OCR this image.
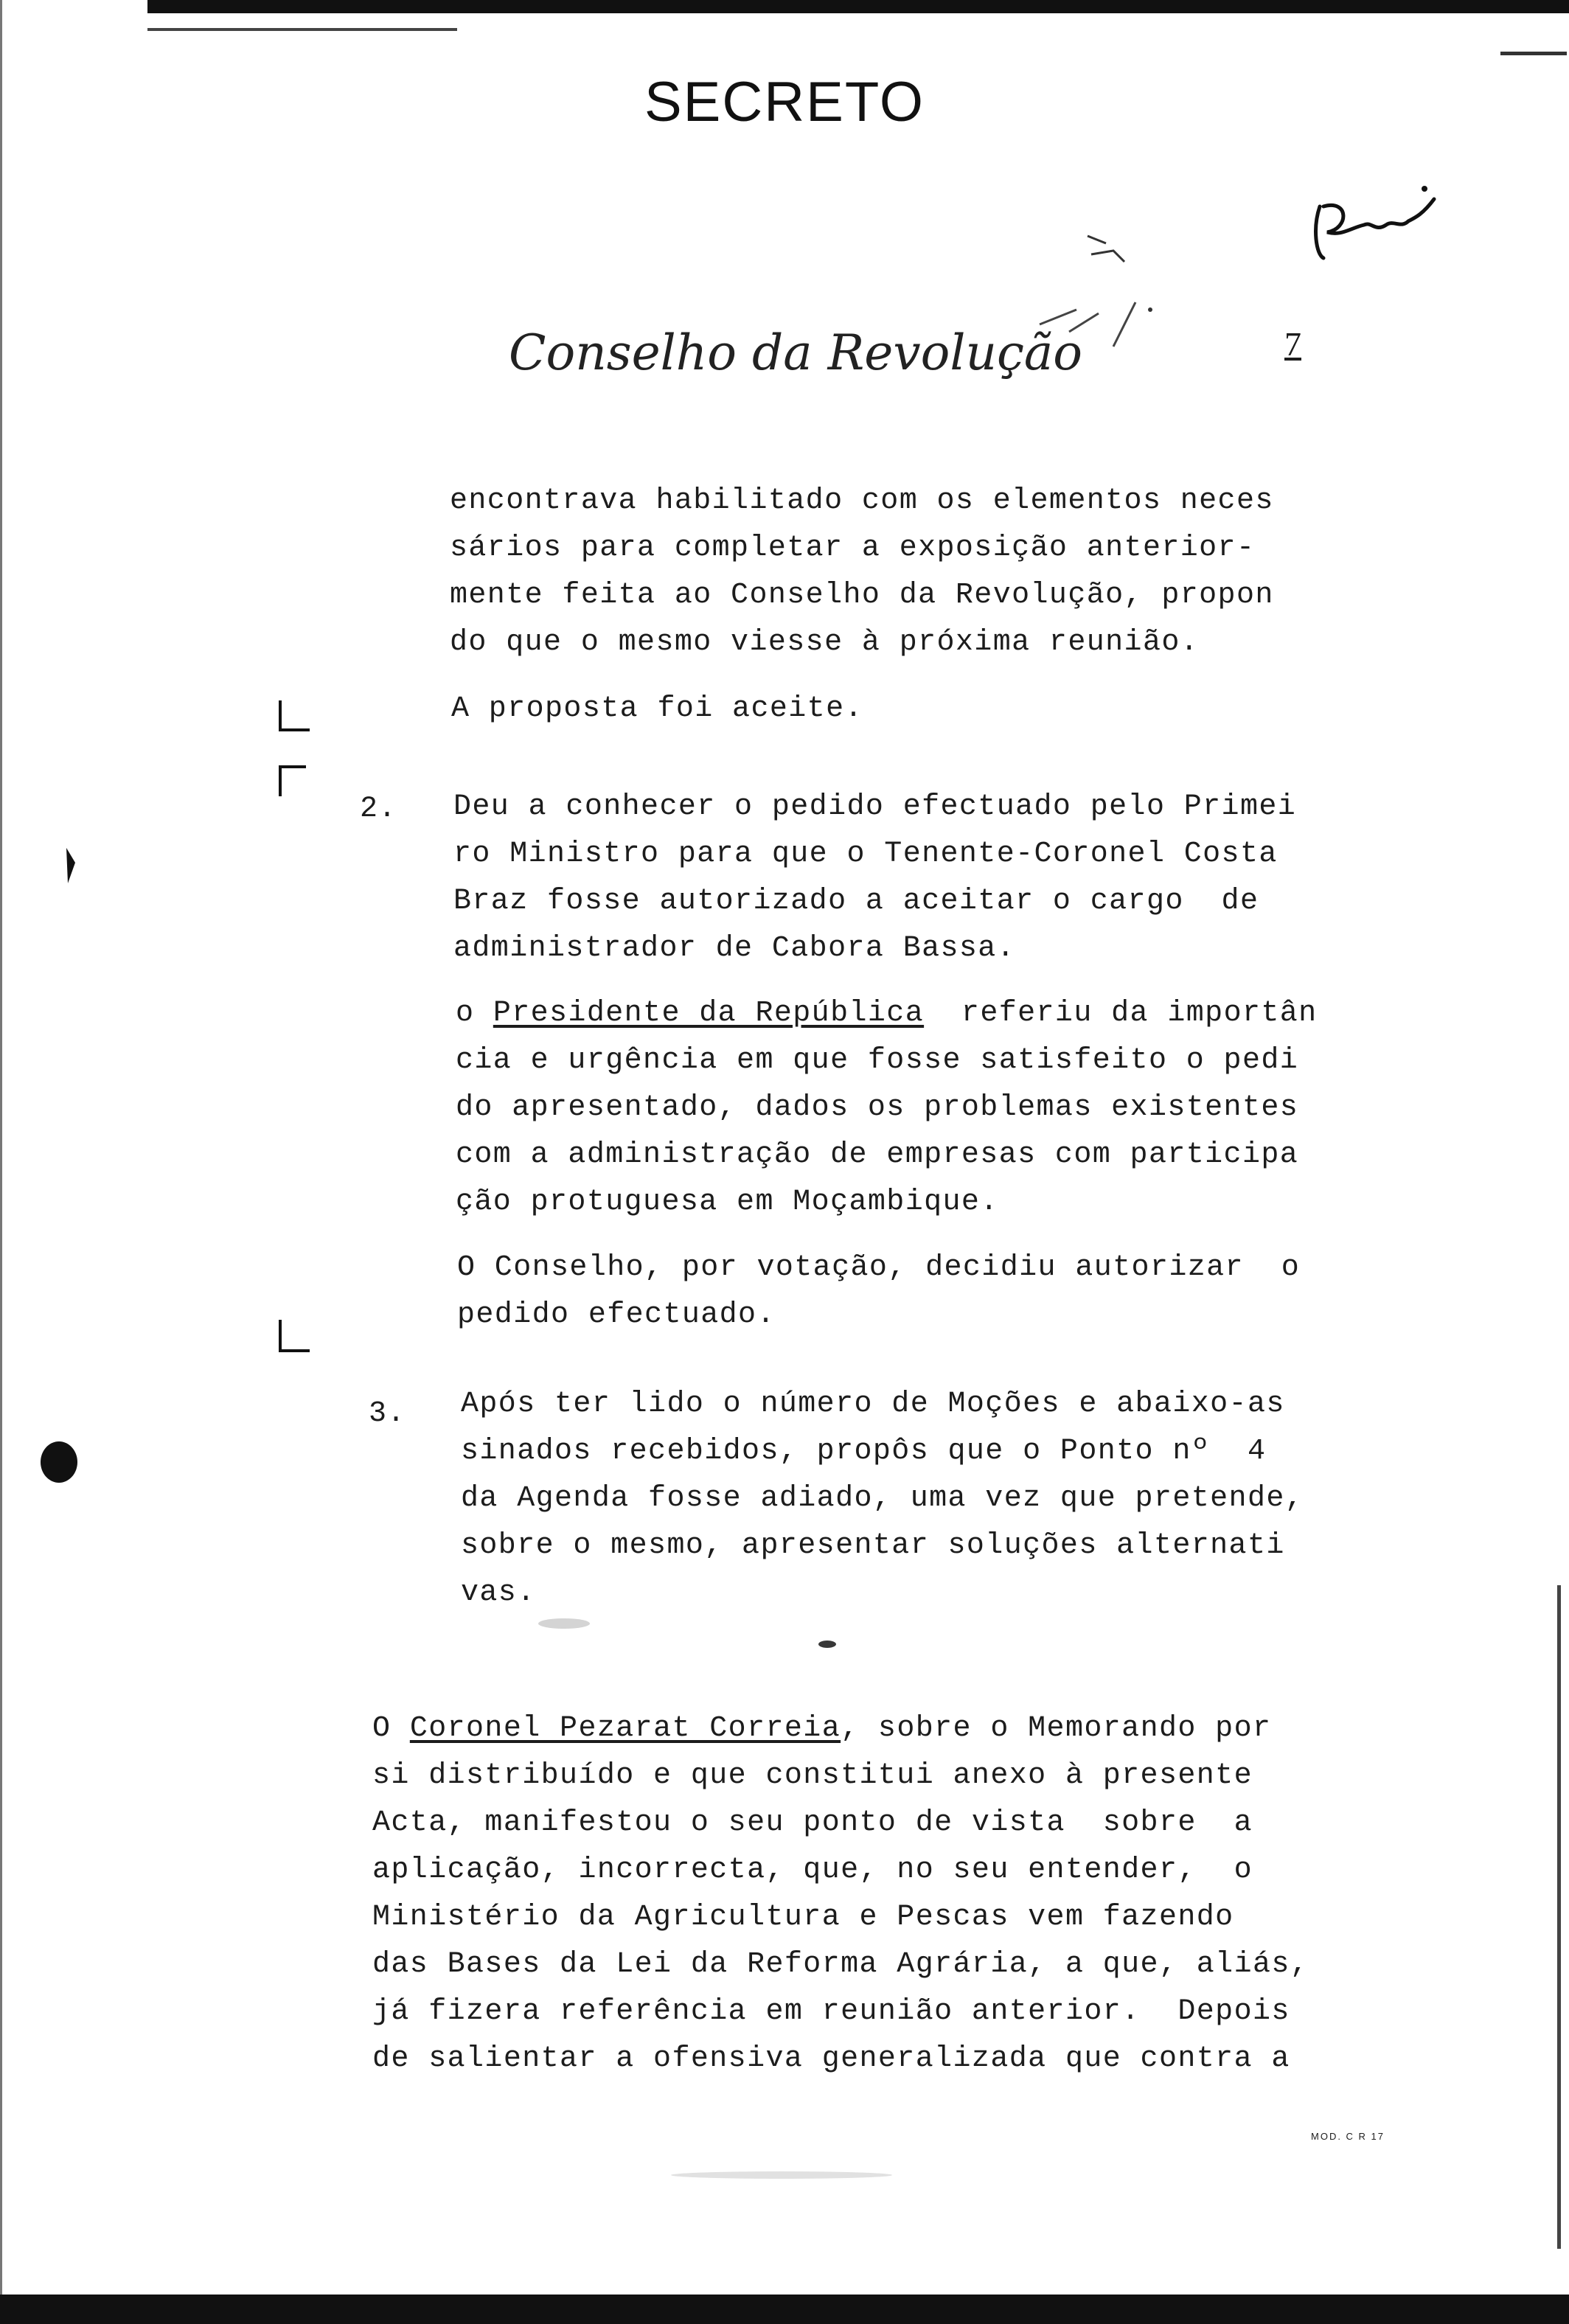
SECRETO
Conselho da Revolução	7
encontrava habilitado com os elementos neces
sários para completar a exposição anterior-
mente feita ao Conselho da Revolução, propon
do que o mesmo viesse à próxima reunião.
A proposta foi aceite.
2. Deu a conhecer o pedido efectuado pelo Primei
ro Ministro para que o Tenente-Coronel Costa
Braz fosse autorizado a aceitar o cargo  de
administrador de Cabora Bassa.
o Presidente da República  referiu da importân
cia e urgência em que fosse satisfeito o pedi
do apresentado, dados os problemas existentes
com a administração de empresas com participa
ção protuguesa em Moçambique.
O Conselho, por votação, decidiu autorizar  o
pedido efectuado.
3. Após ter lido o número de Moções e abaixo-as
sinados recebidos, propôs que o Ponto nº  4
da Agenda fosse adiado, uma vez que pretende,
sobre o mesmo, apresentar soluções alternati
vas.
O Coronel Pezarat Correia, sobre o Memorando por
si distribuído e que constitui anexo à presente
Acta, manifestou o seu ponto de vista  sobre  a
aplicação, incorrecta, que, no seu entender,  o
Ministério da Agricultura e Pescas vem fazendo
das Bases da Lei da Reforma Agrária, a que, aliás,
já fizera referência em reunião anterior.  Depois
de salientar a ofensiva generalizada que contra a
MOD. C R 17
